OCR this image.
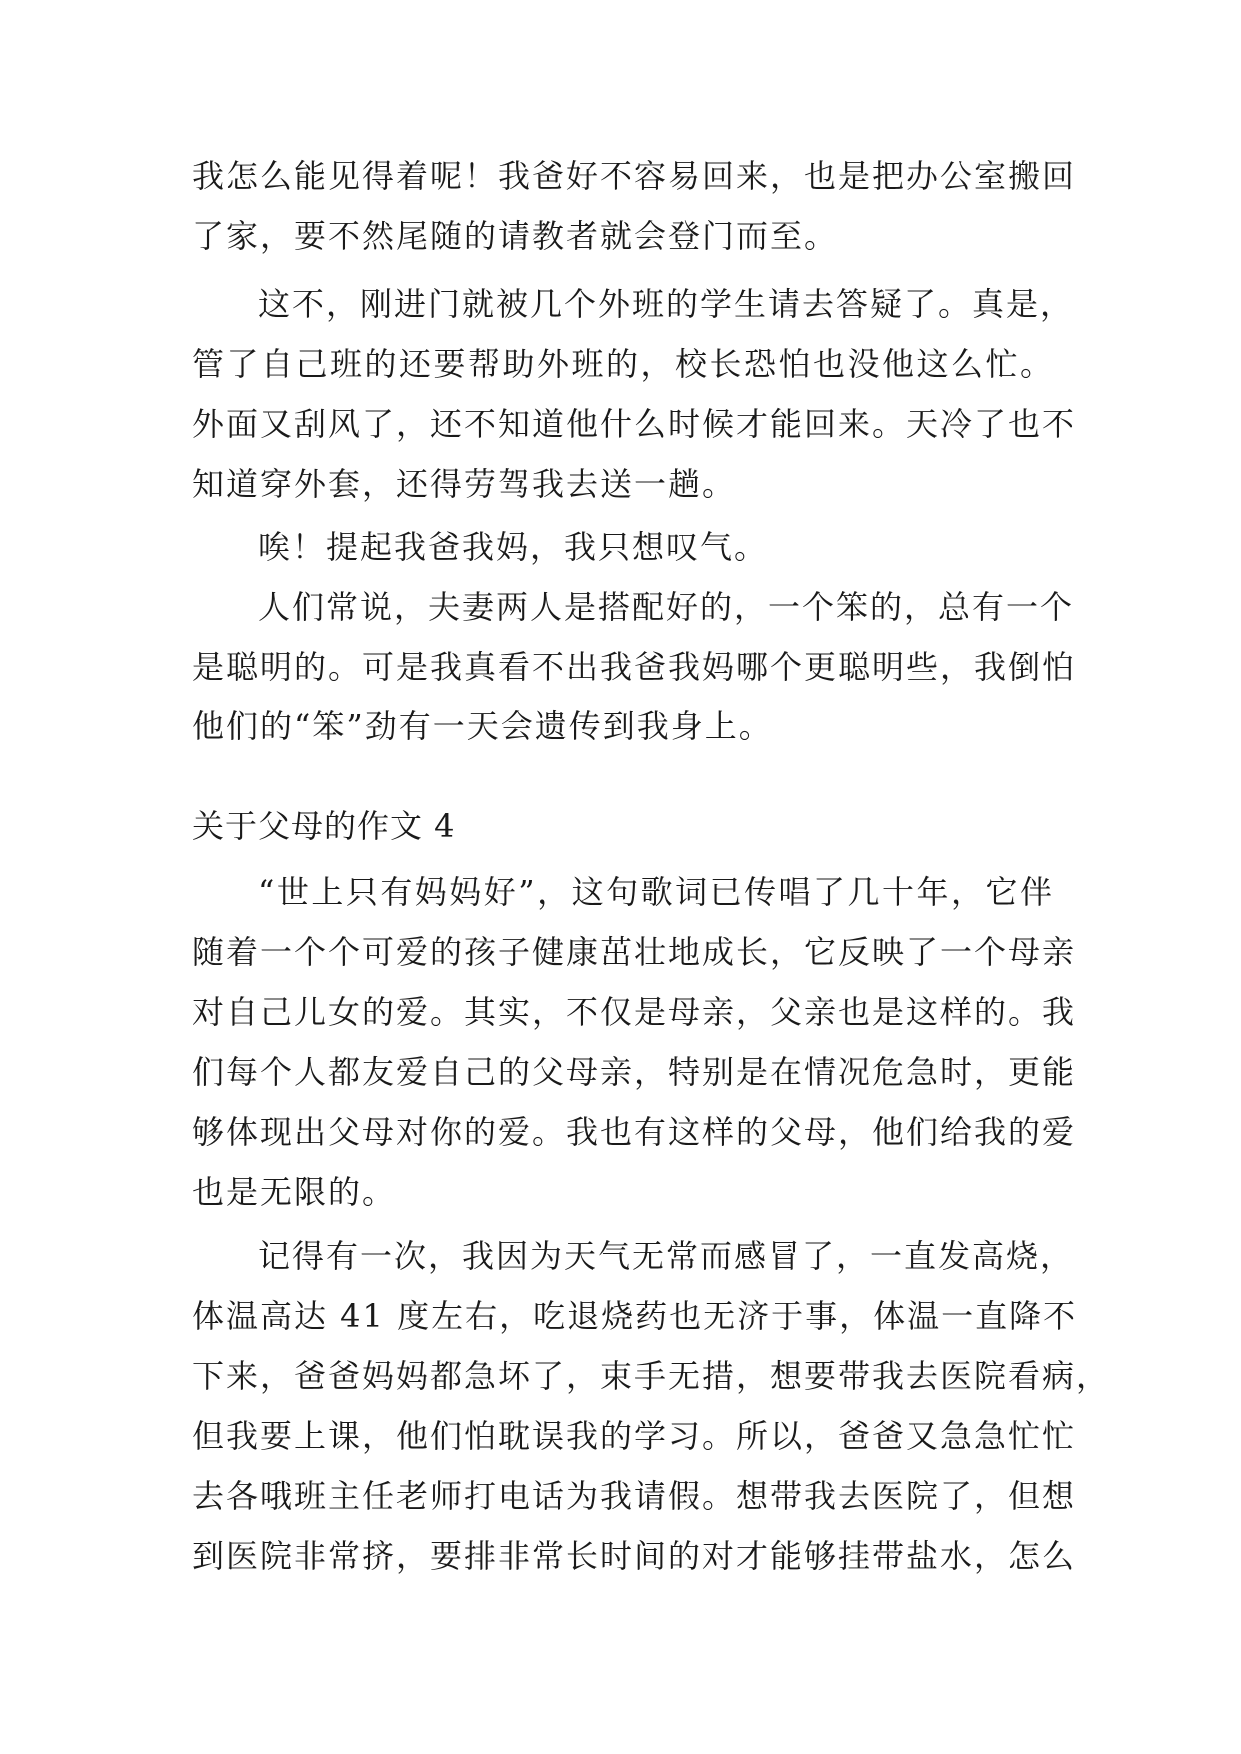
我怎么能见得着呢！我爸好不容易回来，也是把办公室搬回
了家，要不然尾随的请教者就会登门而至。
这不，刚进门就被几个外班的学生请去答疑了。真是，
管了自己班的还要帮助外班的，校长恐怕也没他这么忙。
外面又刮风了，还不知道他什么时候才能回来。天冷了也不
知道穿外套，还得劳驾我去送一趟。
唉！提起我爸我妈，我只想叹气。
人们常说，夫妻两人是搭配好的，一个笨的，总有一个
是聪明的。可是我真看不出我爸我妈哪个更聪明些，我倒怕
他们的“笨”劲有一天会遗传到我身上。
关于父母的作文 4
“世上只有妈妈好”，这句歌词已传唱了几十年，它伴
随着一个个可爱的孩子健康茁壮地成长，它反映了一个母亲
对自己儿女的爱。其实，不仅是母亲，父亲也是这样的。我
们每个人都友爱自己的父母亲，特别是在情况危急时，更能
够体现出父母对你的爱。我也有这样的父母，他们给我的爱
也是无限的。
记得有一次，我因为天气无常而感冒了，一直发高烧，
体温高达 41 度左右，吃退烧药也无济于事，体温一直降不
下来，爸爸妈妈都急坏了，束手无措，想要带我去医院看病，
但我要上课，他们怕耽误我的学习。所以，爸爸又急急忙忙
去各哦班主任老师打电话为我请假。想带我去医院了，但想
到医院非常挤，要排非常长时间的对才能够挂带盐水，怎么
